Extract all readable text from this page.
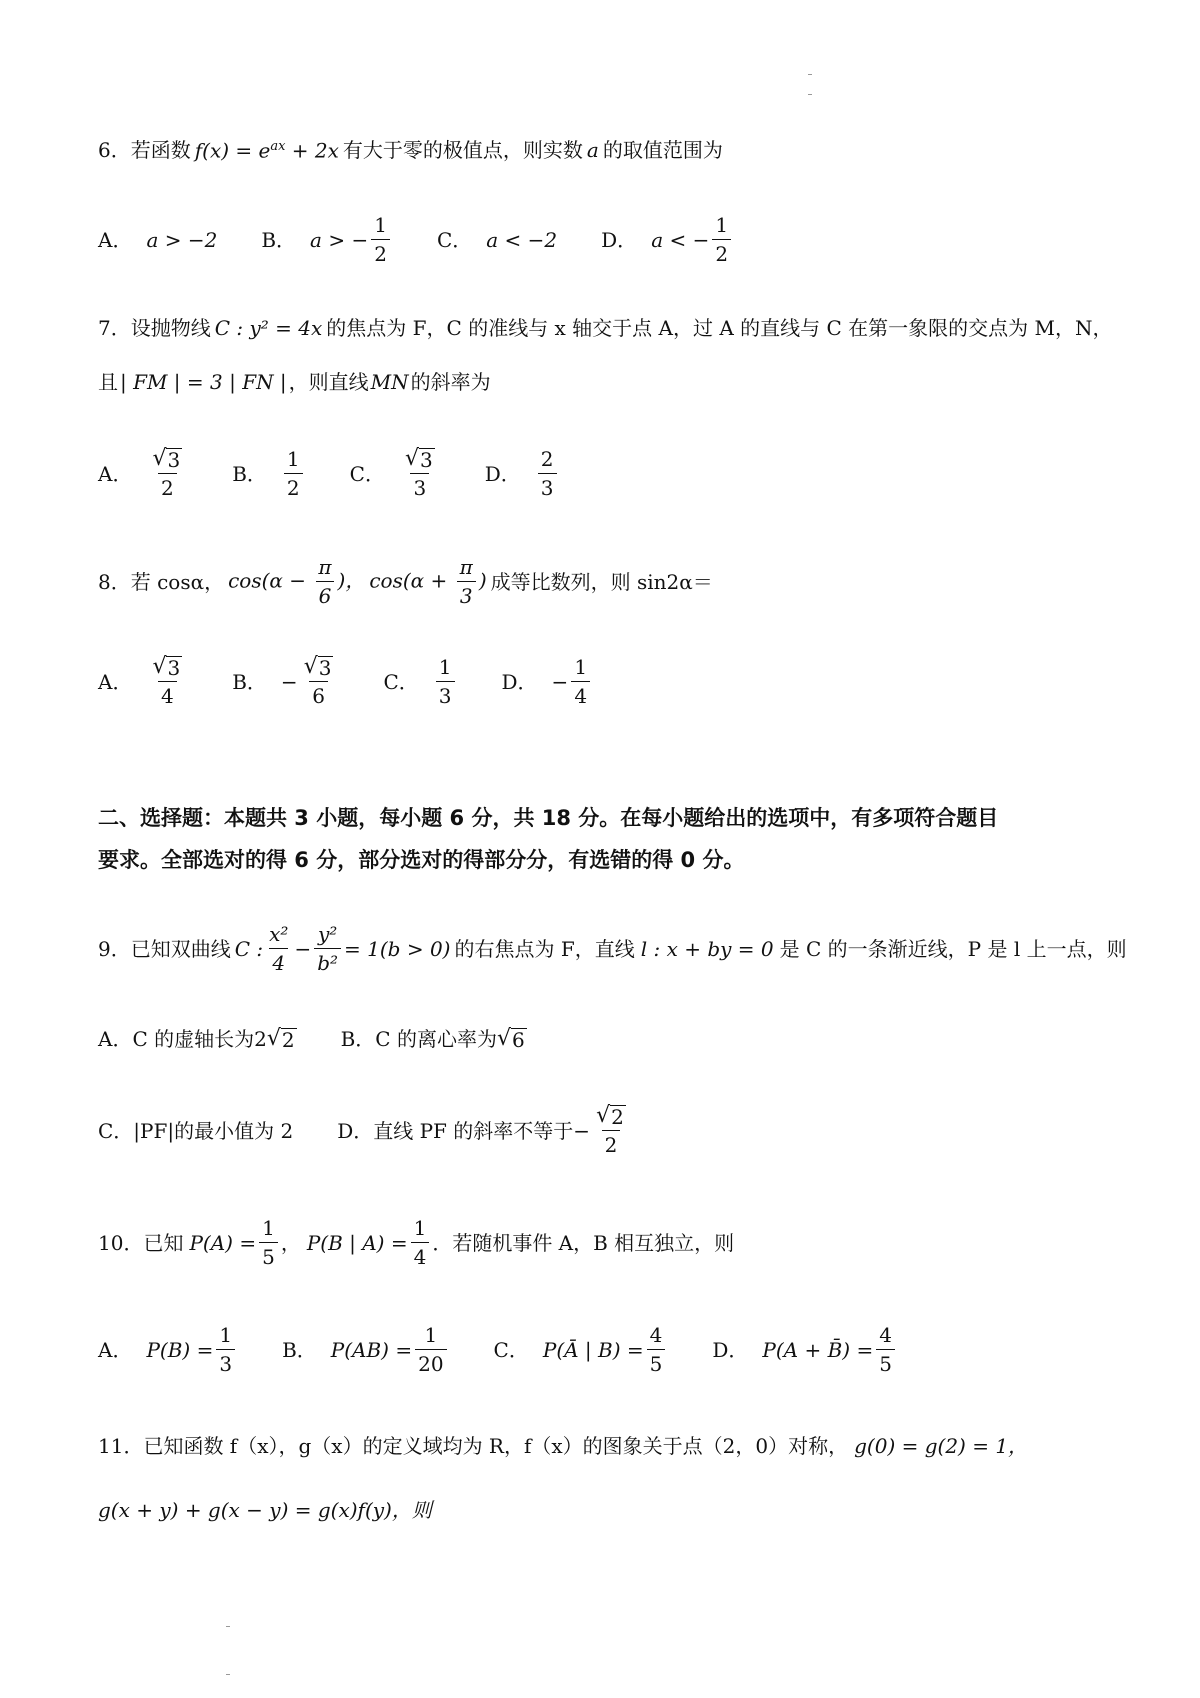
6．若函数 $f(x) = e^{ax} + 2x$ 有大于零的极值点，则实数 a 的取值范围为
A． a > −2 B． a > − $\frac{1}{2}$ C． a < −2 D． a < − $\frac{1}{2}$
7．设抛物线 C : y² = 4x 的焦点为 F，C 的准线与 x 轴交于点 A，过 A 的直线与 C 在第一象限的交点为 M，N，
且 | FM | = 3 | FN | ，则直线 MN 的斜率为
A． $\frac{√ 3}{2}$ B． $\frac{1}{2}$ C． $\frac{√ 3}{3}$ D． $\frac{2}{3}$
8．若 cosα， $\cos(\alpha - \frac{\pi}{6}$ )， $\cos(\alpha + \frac{\pi}{3}$ ) 成等比数列，则 sin2α＝
A． $\frac{√ 3}{4}$ B． − $\frac{√ 3}{6}$ C． $\frac{1}{3}$ D． − $\frac{1}{4}$
二、选择题：本题共 3 小题，每小题 6 分，共 18 分。在每小题给出的选项中，有多项符合题目
要求。全部选对的得 6 分，部分选对的得部分分，有选错的得 0 分。
9．已知双曲线 C : $\frac{\text{x²}}{4} - \frac{\text{y²}}{\text{b²}} = 1(b > 0)$ 的右焦点为 F，直线 l : x + by = 0 是 C 的一条渐近线，P 是 l 上一点，则
A．C 的虚轴长为 2 √ 2 B．C 的离心率为 √ 6
C．|PF|的最小值为 2 D．直线 PF 的斜率不等于 − $\frac{√ 2}{2}$
10．已知 $P(A) = \frac{1}{5}$ ， P(B | $A) = \frac{1}{4}$ ．若随机事件 A，B 相互独立，则
A． $P(B) = \frac{1}{3}$ B． $P(AB) = \frac{1}{20}$ C． P(Ā | $B) = \frac{4}{5}$ D． P(A + B̄) = $\frac{4}{5}$
11．已知函数 f（x），g（x）的定义域均为 R，f（x）的图象关于点（2，0）对称， g(0) = g(2) = 1，
g(x + y) + g(x − y) = g(x)f(y)，则
